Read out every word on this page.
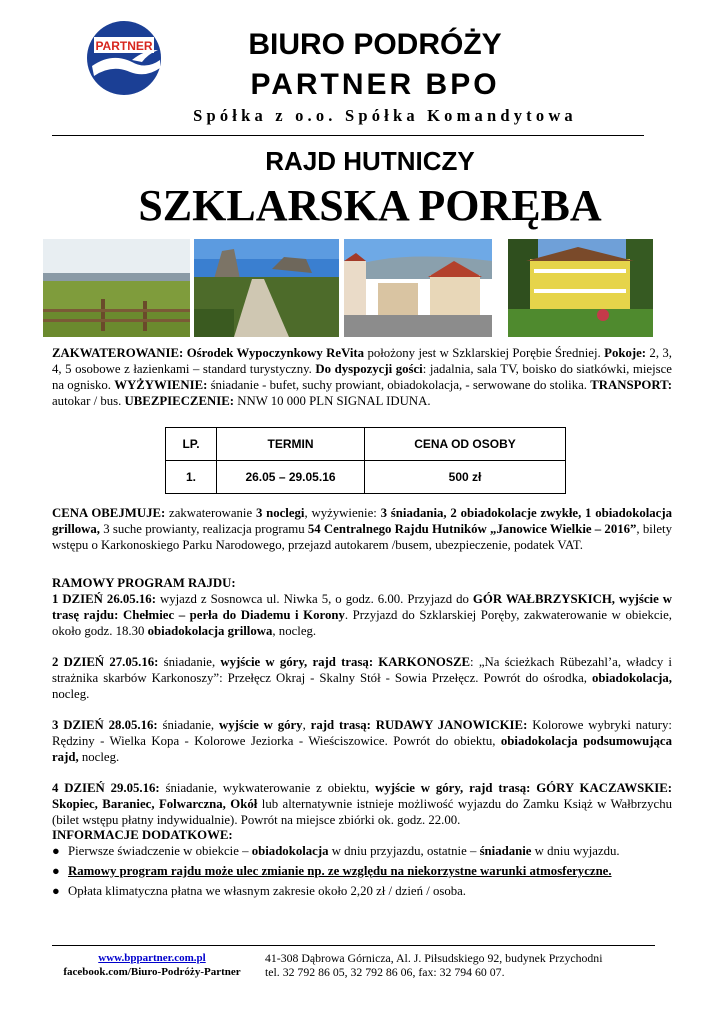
PARTNER	BIURO PODRÓŻY
PARTNER BPO
Spółka z o.o. Spółka Komandytowa
RAJD HUTNICZY
SZKLARSKA PORĘBA

ZAKWATEROWANIE: Ośrodek Wypoczynkowy ReVita położony jest w Szklarskiej Porębie Średniej. Pokoje: 2, 3, 4, 5 osobowe z łazienkami – standard turystyczny. Do dyspozycji gości: jadalnia, sala TV, boisko do siatkówki, miejsce na ognisko. WYŻYWIENIE: śniadanie - bufet, suchy prowiant, obiadokolacja, - serwowane do stolika. TRANSPORT: autokar / bus. UBEZPIECZENIE: NNW 10 000 PLN SIGNAL IDUNA.

LP.	TERMIN	CENA OD OSOBY
1.	26.05 – 29.05.16	500 zł

CENA OBEJMUJE: zakwaterowanie 3 noclegi, wyżywienie: 3 śniadania, 2 obiadokolacje zwykłe, 1 obiadokolacja grillowa, 3 suche prowianty, realizacja programu 54 Centralnego Rajdu Hutników „Janowice Wielkie – 2016”, bilety wstępu o Karkonoskiego Parku Narodowego, przejazd autokarem /busem, ubezpieczenie, podatek VAT.

RAMOWY PROGRAM RAJDU:

1 DZIEŃ 26.05.16: wyjazd z Sosnowca ul. Niwka 5, o godz. 6.00. Przyjazd do GÓR WAŁBRZYSKICH, wyjście w trasę rajdu: Chełmiec – perła do Diademu i Korony. Przyjazd do Szklarskiej Poręby, zakwaterowanie w obiekcie, około godz. 18.30 obiadokolacja grillowa, nocleg.

2 DZIEŃ 27.05.16: śniadanie, wyjście w góry, rajd trasą: KARKONOSZE: „Na ścieżkach Rübezahl’a, władcy i strażnika skarbów Karkonoszy”: Przełęcz Okraj - Skalny Stół - Sowia Przełęcz. Powrót do ośrodka, obiadokolacja, nocleg.

3 DZIEŃ 28.05.16: śniadanie, wyjście w góry, rajd trasą: RUDAWY JANOWICKIE: Kolorowe wybryki natury: Rędziny - Wielka Kopa - Kolorowe Jeziorka - Wieściszowice. Powrót do obiektu, obiadokolacja podsumowująca rajd, nocleg.

4 DZIEŃ 29.05.16: śniadanie, wykwaterowanie z obiektu, wyjście w góry, rajd trasą: GÓRY KACZAWSKIE: Skopiec, Baraniec, Folwarczna, Okół lub alternatywnie istnieje możliwość wyjazdu do Zamku Książ w Wałbrzychu (bilet wstępu płatny indywidualnie). Powrót na miejsce zbiórki ok. godz. 22.00.

INFORMACJE DODATKOWE:

● Pierwsze świadczenie w obiekcie – obiadokolacja w dniu przyjazdu, ostatnie – śniadanie w dniu wyjazdu.
● Ramowy program rajdu może ulec zmianie np. ze względu na niekorzystne warunki atmosferyczne.
● Opłata klimatyczna płatna we własnym zakresie około 2,20 zł / dzień / osoba.
www.bppartner.com.pl
facebook.com/Biuro-Podróży-Partner
41-308 Dąbrowa Górnicza, Al. J. Piłsudskiego 92, budynek Przychodni
tel. 32 792 86 05, 32 792 86 06, fax: 32 794 60 07.
